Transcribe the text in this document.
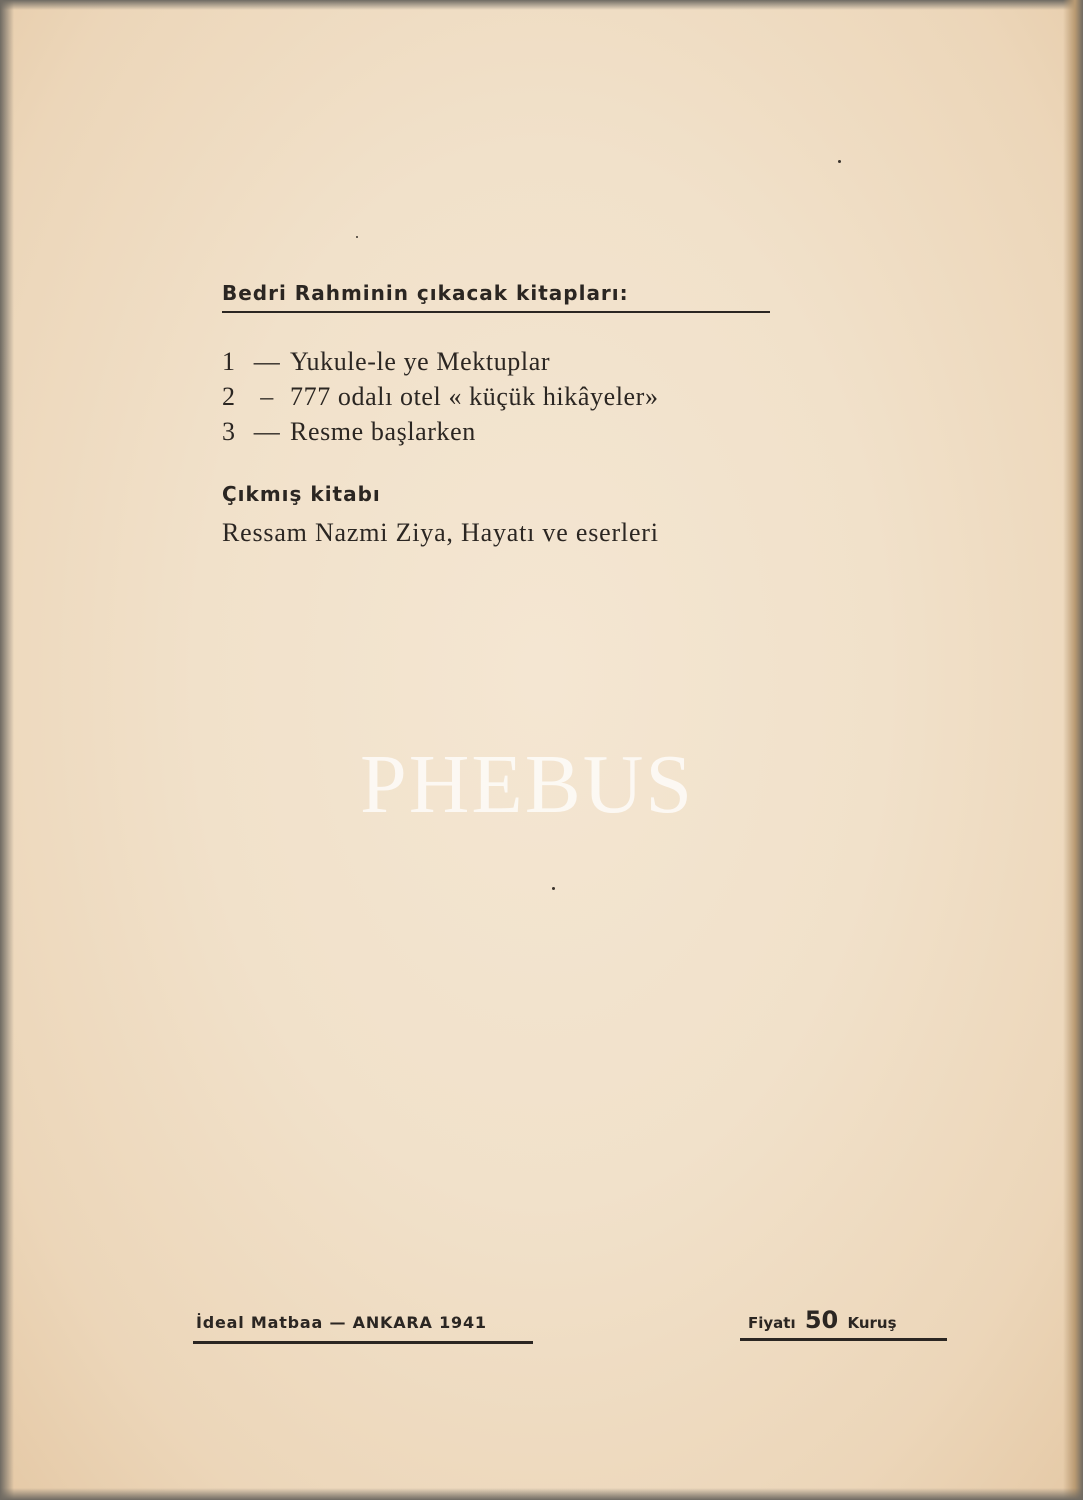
Bedri Rahminin çıkacak kitapları:
1 — Yukule-le ye Mektuplar
2 – 777 odalı otel « küçük hikâyeler»
3 — Resme başlarken
Çıkmış kitabı
Ressam Nazmi Ziya, Hayatı ve eserleri
PHEBUS
İdeal Matbaa — ANKARA 1941	Fiyatı 50 Kuruş
